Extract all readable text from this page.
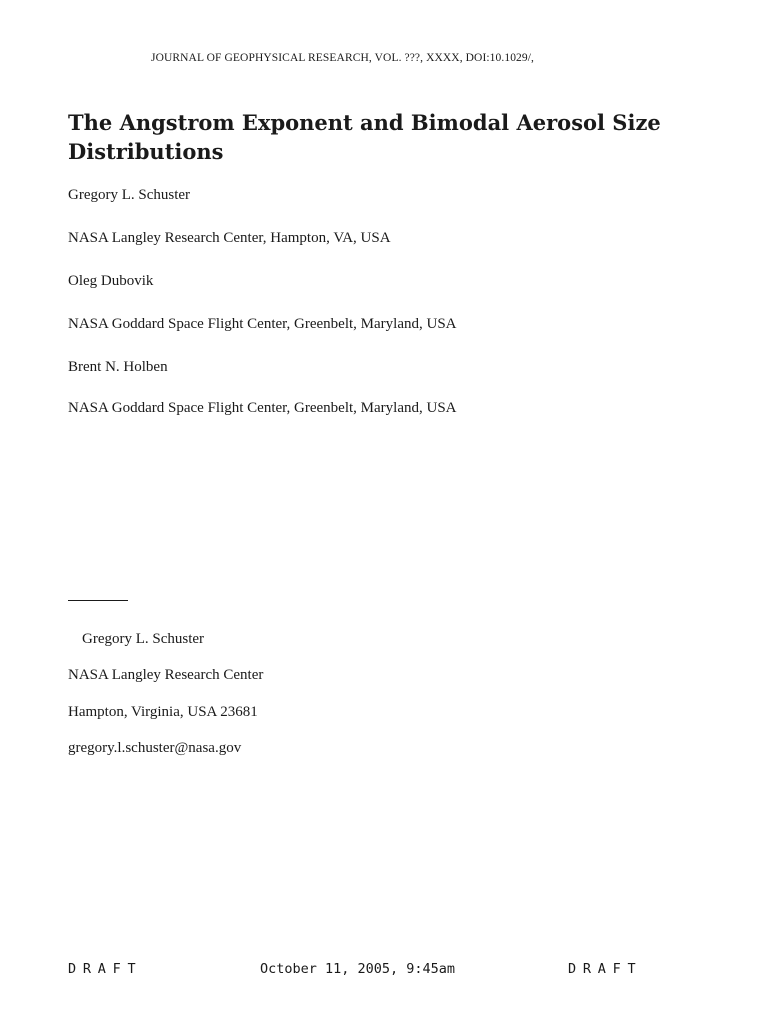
JOURNAL OF GEOPHYSICAL RESEARCH, VOL. ???, XXXX, DOI:10.1029/,
The Angstrom Exponent and Bimodal Aerosol Size Distributions
Gregory L. Schuster
NASA Langley Research Center, Hampton, VA, USA
Oleg Dubovik
NASA Goddard Space Flight Center, Greenbelt, Maryland, USA
Brent N. Holben
NASA Goddard Space Flight Center, Greenbelt, Maryland, USA
Gregory L. Schuster
NASA Langley Research Center
Hampton, Virginia, USA 23681
gregory.l.schuster@nasa.gov
DRAFT	October 11, 2005, 9:45am	DRAFT
